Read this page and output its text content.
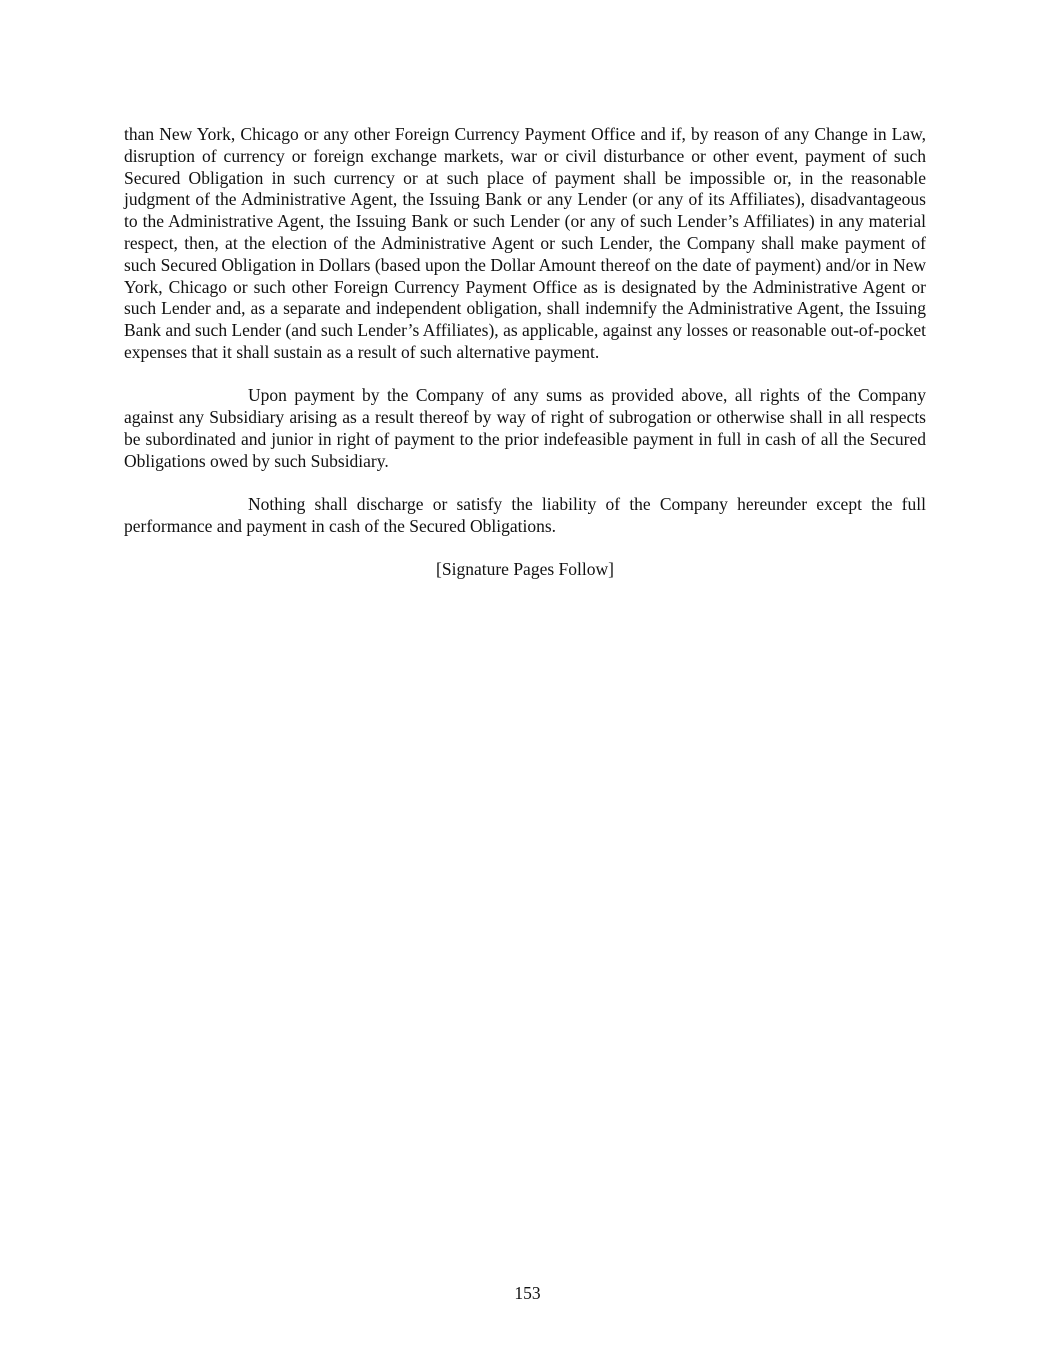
than New York, Chicago or any other Foreign Currency Payment Office and if, by reason of any Change in Law, disruption of currency or foreign exchange markets, war or civil disturbance or other event, payment of such Secured Obligation in such currency or at such place of payment shall be impossible or, in the reasonable judgment of the Administrative Agent, the Issuing Bank or any Lender (or any of its Affiliates), disadvantageous to the Administrative Agent, the Issuing Bank or such Lender (or any of such Lender’s Affiliates) in any material respect, then, at the election of the Administrative Agent or such Lender, the Company shall make payment of such Secured Obligation in Dollars (based upon the Dollar Amount thereof on the date of payment) and/or in New York, Chicago or such other Foreign Currency Payment Office as is designated by the Administrative Agent or such Lender and, as a separate and independent obligation, shall indemnify the Administrative Agent, the Issuing Bank and such Lender (and such Lender’s Affiliates), as applicable, against any losses or reasonable out-of-pocket expenses that it shall sustain as a result of such alternative payment.

Upon payment by the Company of any sums as provided above, all rights of the Company against any Subsidiary arising as a result thereof by way of right of subrogation or otherwise shall in all respects be subordinated and junior in right of payment to the prior indefeasible payment in full in cash of all the Secured Obligations owed by such Subsidiary.

Nothing shall discharge or satisfy the liability of the Company hereunder except the full performance and payment in cash of the Secured Obligations.

[Signature Pages Follow]

153
